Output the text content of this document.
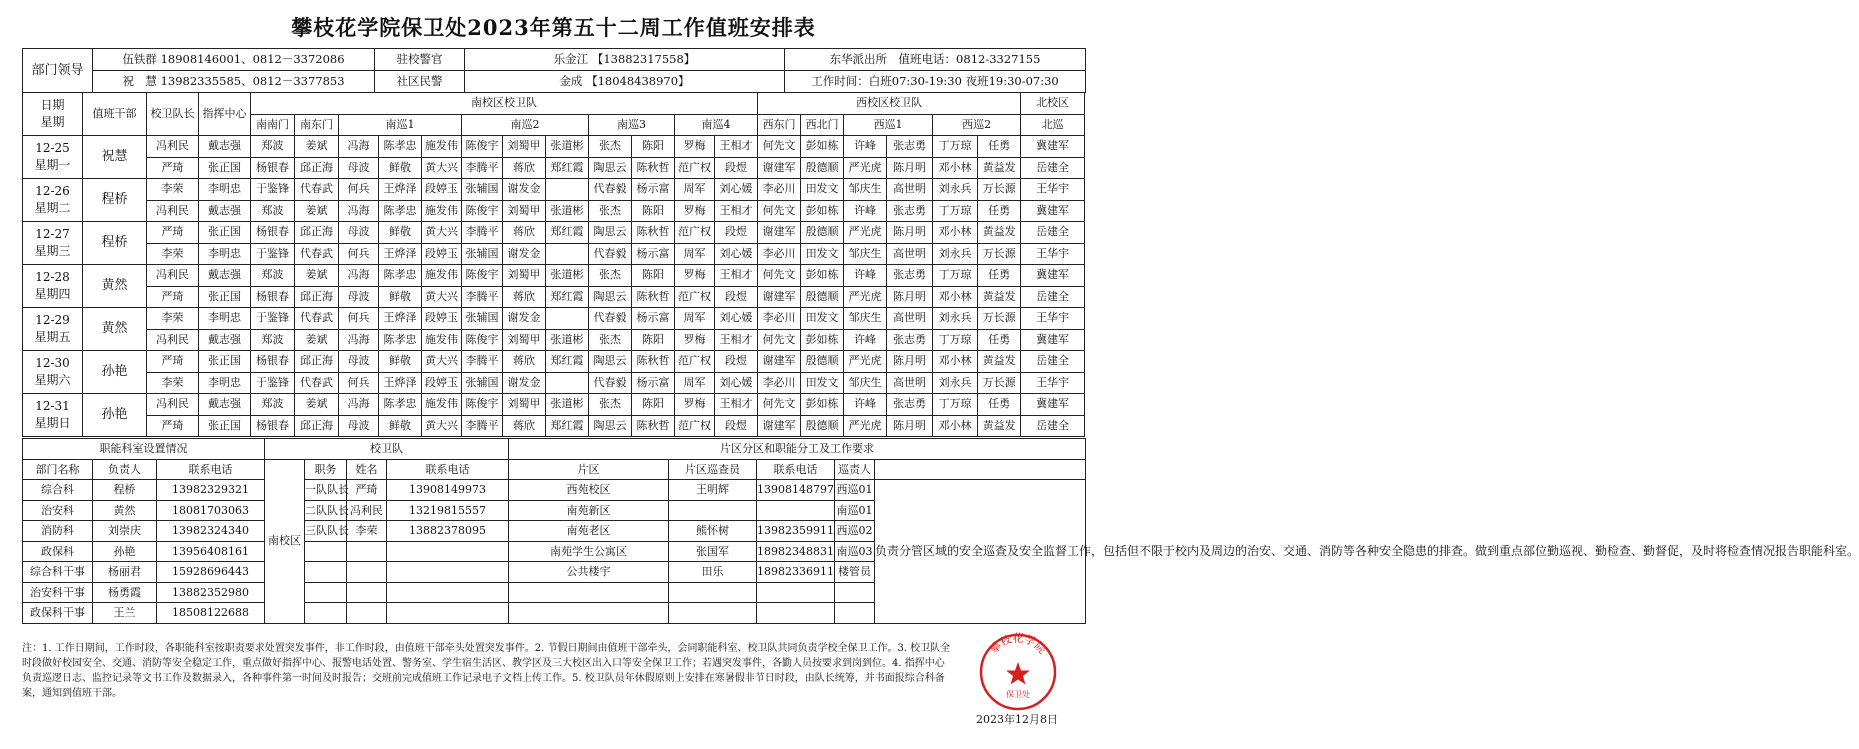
攀枝花学院保卫处2023年第五十二周工作值班安排表
部门领导	伍铁群 18908146001、0812－3372086	驻校警官	乐金江 【13882317558】	东华派出所　值班电话：0812-3327155
	祝　慧 13982335585、0812－3377853	社区民警	金成 【18048438970】	工作时间：白班07:30-19:30 夜班19:30-07:30
日期
星期	值班干部	校卫队长	指挥中心	南校区校卫队												西校区校卫队						北校区
				南南门	南东门	南巡1			南巡2			南巡3		南巡4		西东门	西北门	西巡1		西巡2		北巡

12-25
星期一	祝慧	冯利民	戴志强	郑波	姜斌	冯海	陈孝忠	施发伟	陈俊宇	刘蜀甲	张道彬	张杰	陈阳	罗梅	王相才	何先文	彭如栋	许峰	张志勇	丁万琼	任勇	冀建军
		严琦	张正国	杨银春	邱正海	母波	鲜敬	黄大兴	李腾平	蒋欣	郑红霞	陶思云	陈秋哲	范广权	段煜	谢建军	殷德顺	严光虎	陈月明	邓小林	黄益发	岳建全

12-26
星期二	程桥	李荣	李明忠	于鉴锋	代春武	何兵	王烨泽	段婷玉	张辅国	谢发金		代春毅	杨示富	周军	刘心媛	李必川	田发文	邹庆生	高世明	刘永兵	万长源	王华宇
		冯利民	戴志强	郑波	姜斌	冯海	陈孝忠	施发伟	陈俊宇	刘蜀甲	张道彬	张杰	陈阳	罗梅	王相才	何先文	彭如栋	许峰	张志勇	丁万琼	任勇	冀建军

12-27
星期三	程桥	严琦	张正国	杨银春	邱正海	母波	鲜敬	黄大兴	李腾平	蒋欣	郑红霞	陶思云	陈秋哲	范广权	段煜	谢建军	殷德顺	严光虎	陈月明	邓小林	黄益发	岳建全
		李荣	李明忠	于鉴锋	代春武	何兵	王烨泽	段婷玉	张辅国	谢发金		代春毅	杨示富	周军	刘心媛	李必川	田发文	邹庆生	高世明	刘永兵	万长源	王华宇

12-28
星期四	黄然	冯利民	戴志强	郑波	姜斌	冯海	陈孝忠	施发伟	陈俊宇	刘蜀甲	张道彬	张杰	陈阳	罗梅	王相才	何先文	彭如栋	许峰	张志勇	丁万琼	任勇	冀建军
		严琦	张正国	杨银春	邱正海	母波	鲜敬	黄大兴	李腾平	蒋欣	郑红霞	陶思云	陈秋哲	范广权	段煜	谢建军	殷德顺	严光虎	陈月明	邓小林	黄益发	岳建全

12-29
星期五	黄然	李荣	李明忠	于鉴锋	代春武	何兵	王烨泽	段婷玉	张辅国	谢发金		代春毅	杨示富	周军	刘心媛	李必川	田发文	邹庆生	高世明	刘永兵	万长源	王华宇
		冯利民	戴志强	郑波	姜斌	冯海	陈孝忠	施发伟	陈俊宇	刘蜀甲	张道彬	张杰	陈阳	罗梅	王相才	何先文	彭如栋	许峰	张志勇	丁万琼	任勇	冀建军

12-30
星期六	孙艳	严琦	张正国	杨银春	邱正海	母波	鲜敬	黄大兴	李腾平	蒋欣	郑红霞	陶思云	陈秋哲	范广权	段煜	谢建军	殷德顺	严光虎	陈月明	邓小林	黄益发	岳建全
		李荣	李明忠	于鉴锋	代春武	何兵	王烨泽	段婷玉	张辅国	谢发金		代春毅	杨示富	周军	刘心媛	李必川	田发文	邹庆生	高世明	刘永兵	万长源	王华宇

12-31
星期日	孙艳	冯利民	戴志强	郑波	姜斌	冯海	陈孝忠	施发伟	陈俊宇	刘蜀甲	张道彬	张杰	陈阳	罗梅	王相才	何先文	彭如栋	许峰	张志勇	丁万琼	任勇	冀建军
		严琦	张正国	杨银春	邱正海	母波	鲜敬	黄大兴	李腾平	蒋欣	郑红霞	陶思云	陈秋哲	范广权	段煜	谢建军	殷德顺	严光虎	陈月明	邓小林	黄益发	岳建全
职能科室设置情况			校卫队				片区分区和职能分工及工作要求				
部门名称	负责人	联系电话	南校区	职务	姓名	联系电话	片区	片区巡查员	联系电话	巡责人	
综合科	程桥	13982329321		一队队长	严琦	13908149973	西苑校区	王明辉	13908148797	西巡01	负责分管区域的安全巡查及安全监督工作，包括但不限于校内及周边的治安、交通、消防等各种安全隐患的排查。做到重点部位勤巡视、勤检查、勤督促，及时将检查情况报告职能科室。
治安科	黄然	18081703063		二队队长	冯利民	13219815557	南苑新区			南巡01	
消防科	刘崇庆	13982324340		三队队长	李荣	13882378095	南苑老区	熊怀树	13982359911	西巡02	
政保科	孙艳	13956408161					南苑学生公寓区	张国军	18982348831	南巡03	
综合科干事	杨丽君	15928696443					公共楼宇	田乐	18982336911	楼管员	
治安科干事	杨勇霞	13882352980									
政保科干事	王兰	18508122688									
注：1. 工作日期间，工作时段，各职能科室按职责要求处置突发事件，非工作时段，由值班干部牵头处置突发事件。2. 节假日期间由值班干部牵头，会同职能科室、校卫队共同负责学校全保卫工作。3. 校卫队全时段做好校园安全、交通、消防等安全稳定工作，重点做好指挥中心、报警电话处置、警务室、学生宿生活区、教学区及三大校区出入口等安全保卫工作；若遇突发事件，各勤人员按要求到岗到位。4. 指挥中心负责巡逻日志、监控记录等文书工作及数据录入，各种事件第一时间及时报告；交班前完成值班工作记录电子文档上传工作。5. 校卫队员年休假原则上安排在寒暑假非节日时段，由队长统筹，并书面报综合科备案，通知到值班干部。
攀枝花学院
保卫处
2023年12月8日
